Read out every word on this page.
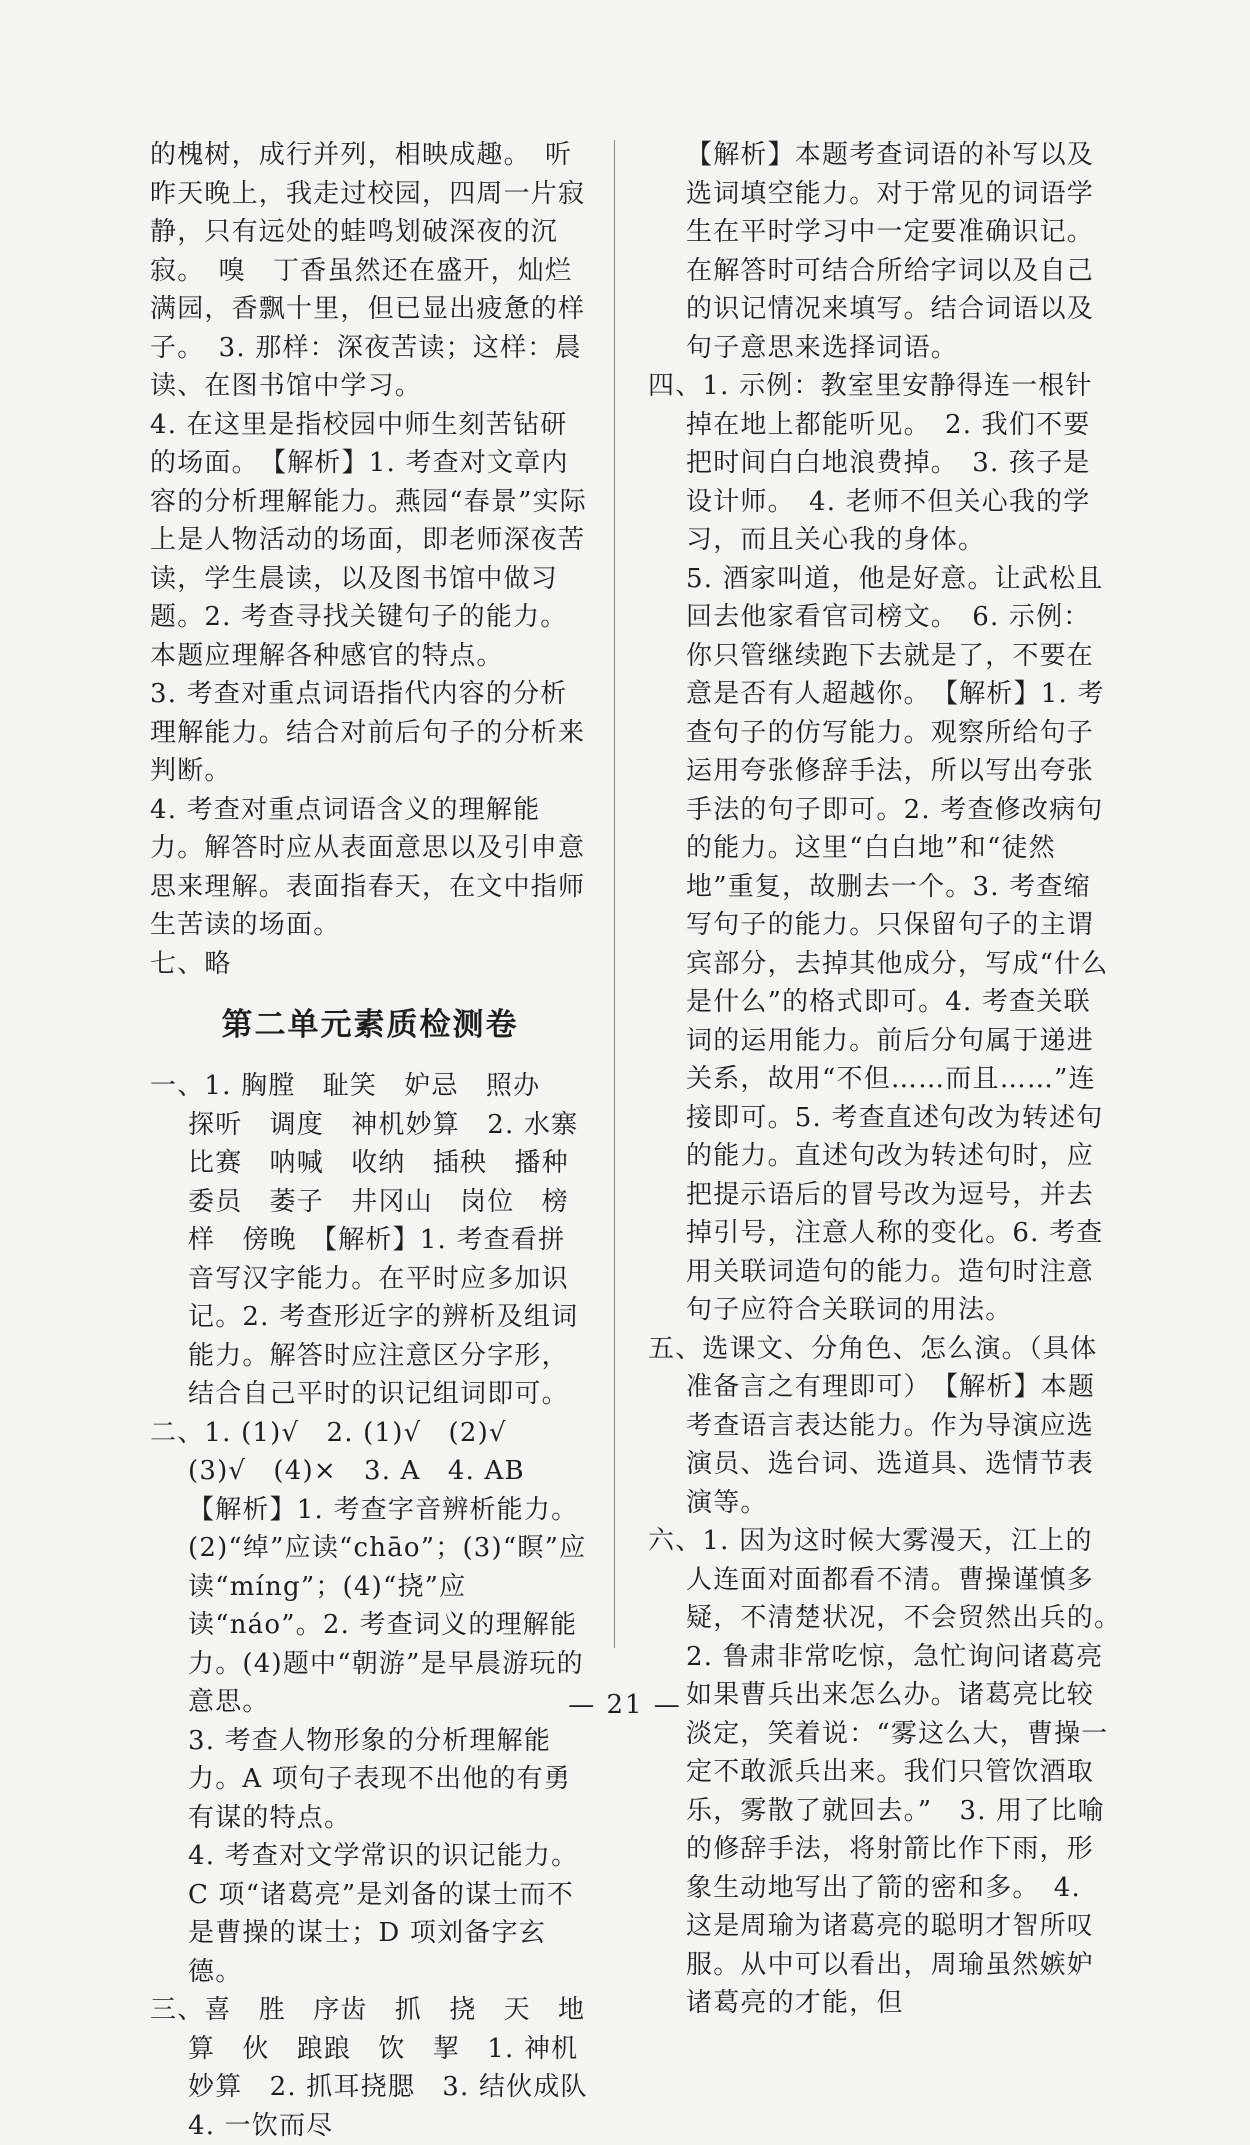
的槐树，成行并列，相映成趣。　听　昨天晚上，我走过校园，四周一片寂静，只有远处的蛙鸣划破深夜的沉寂。　嗅　丁香虽然还在盛开，灿烂满园，香飘十里，但已显出疲惫的样子。　3. 那样：深夜苦读；这样：晨读、在图书馆中学习。

4. 在这里是指校园中师生刻苦钻研的场面。　【解析】1. 考查对文章内容的分析理解能力。燕园“春景”实际上是人物活动的场面，即老师深夜苦读，学生晨读，以及图书馆中做习题。2. 考查寻找关键句子的能力。本题应理解各种感官的特点。

3. 考查对重点词语指代内容的分析理解能力。结合对前后句子的分析来判断。

4. 考查对重点词语含义的理解能力。解答时应从表面意思以及引申意思来理解。表面指春天，在文中指师生苦读的场面。

七、略

第二单元素质检测卷

一、1. 胸膛　耻笑　妒忌　照办　探听　调度　神机妙算　2. 水寨　比赛　呐喊　收纳　插秧　播种　委员　萎子　井冈山　岗位　榜样　傍晚　【解析】1. 考查看拼音写汉字能力。在平时应多加识记。2. 考查形近字的辨析及组词能力。解答时应注意区分字形，结合自己平时的识记组词即可。

二、1. (1)√　2. (1)√　(2)√　(3)√　(4)×　3. A　4. AB　【解析】1. 考查字音辨析能力。(2)“绰”应读“chāo”；(3)“瞑”应读“míng”；(4)“挠”应读“náo”。2. 考查词义的理解能力。(4)题中“朝游”是早晨游玩的意思。

3. 考查人物形象的分析理解能力。A 项句子表现不出他的有勇有谋的特点。

4. 考查对文学常识的识记能力。C 项“诸葛亮”是刘备的谋士而不是曹操的谋士；D 项刘备字玄德。

三、喜　胜　序齿　抓　挠　天　地　算　伙　踉踉　饮　挈　1. 神机妙算　2. 抓耳挠腮　3. 结伙成队　4. 一饮而尽

【解析】本题考查词语的补写以及选词填空能力。对于常见的词语学生在平时学习中一定要准确识记。在解答时可结合所给字词以及自己的识记情况来填写。结合词语以及句子意思来选择词语。

四、1. 示例：教室里安静得连一根针掉在地上都能听见。　2. 我们不要把时间白白地浪费掉。　3. 孩子是设计师。　4. 老师不但关心我的学习，而且关心我的身体。

5. 酒家叫道，他是好意。让武松且回去他家看官司榜文。　6. 示例：你只管继续跑下去就是了，不要在意是否有人超越你。　【解析】1. 考查句子的仿写能力。观察所给句子运用夸张修辞手法，所以写出夸张手法的句子即可。2. 考查修改病句的能力。这里“白白地”和“徒然地”重复，故删去一个。3. 考查缩写句子的能力。只保留句子的主谓宾部分，去掉其他成分，写成“什么是什么”的格式即可。4. 考查关联词的运用能力。前后分句属于递进关系，故用“不但……而且……”连接即可。5. 考查直述句改为转述句的能力。直述句改为转述句时，应把提示语后的冒号改为逗号，并去掉引号，注意人称的变化。6. 考查用关联词造句的能力。造句时注意句子应符合关联词的用法。

五、选课文、分角色、怎么演。（具体准备言之有理即可）　【解析】本题考查语言表达能力。作为导演应选演员、选台词、选道具、选情节表演等。

六、1. 因为这时候大雾漫天，江上的人连面对面都看不清。曹操谨慎多疑，不清楚状况，不会贸然出兵的。　2. 鲁肃非常吃惊，急忙询问诸葛亮如果曹兵出来怎么办。诸葛亮比较淡定，笑着说：“雾这么大，曹操一定不敢派兵出来。我们只管饮酒取乐，雾散了就回去。”　3. 用了比喻的修辞手法，将射箭比作下雨，形象生动地写出了箭的密和多。　4. 这是周瑜为诸葛亮的聪明才智所叹服。从中可以看出，周瑜虽然嫉妒诸葛亮的才能，但

— 21 —
